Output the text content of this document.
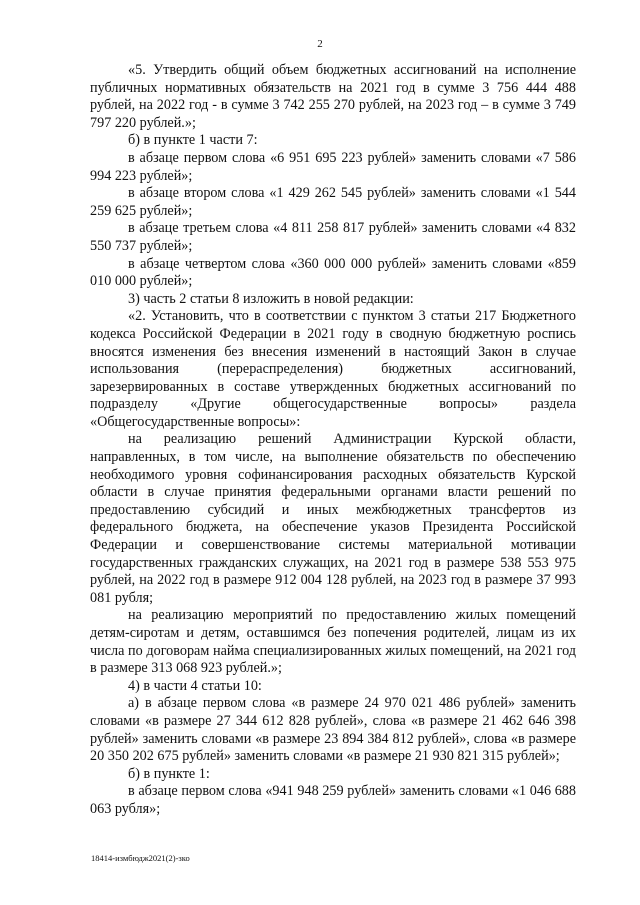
2

«5. Утвердить общий объем бюджетных ассигнований на исполнение публичных нормативных обязательств на 2021 год в сумме 3 756 444 488 рублей, на 2022 год - в сумме 3 742 255 270 рублей, на 2023 год – в сумме 3 749 797 220 рублей.»;

б) в пункте 1 части 7:

в абзаце первом слова «6 951 695 223 рублей» заменить словами «7 586 994 223 рублей»;

в абзаце втором слова «1 429 262 545 рублей» заменить словами «1 544 259 625 рублей»;

в абзаце третьем слова «4 811 258 817 рублей» заменить словами «4 832 550 737 рублей»;

в абзаце четвертом слова «360 000 000 рублей» заменить словами «859 010 000 рублей»;

3) часть 2 статьи 8 изложить в новой редакции:

«2. Установить, что в соответствии с пунктом 3 статьи 217 Бюджетного кодекса Российской Федерации в 2021 году в сводную бюджетную роспись вносятся изменения без внесения изменений в настоящий Закон в случае использования (перераспределения) бюджетных ассигнований, зарезервированных в составе утвержденных бюджетных ассигнований по подразделу «Другие общегосударственные вопросы» раздела «Общегосударственные вопросы»:

на реализацию решений Администрации Курской области, направленных, в том числе, на выполнение обязательств по обеспечению необходимого уровня софинансирования расходных обязательств Курской области в случае принятия федеральными органами власти решений по предоставлению субсидий и иных межбюджетных трансфертов из федерального бюджета, на обеспечение указов Президента Российской Федерации и совершенствование системы материальной мотивации государственных гражданских служащих, на 2021 год в размере 538 553 975 рублей, на 2022 год в размере 912 004 128 рублей, на 2023 год в размере 37 993 081 рубля;

на реализацию мероприятий по предоставлению жилых помещений детям-сиротам и детям, оставшимся без попечения родителей, лицам из их числа по договорам найма специализированных жилых помещений, на 2021 год в размере 313 068 923 рублей.»;

4) в части 4 статьи 10:

а) в абзаце первом слова «в размере 24 970 021 486 рублей» заменить словами «в размере 27 344 612 828 рублей», слова «в размере 21 462 646 398 рублей» заменить словами «в размере 23 894 384 812 рублей», слова «в размере 20 350 202 675 рублей» заменить словами «в размере 21 930 821 315 рублей»;

б) в пункте 1:

в абзаце первом слова «941 948 259 рублей» заменить словами «1 046 688 063 рубля»;

18414-измбюдж2021(2)-зко
